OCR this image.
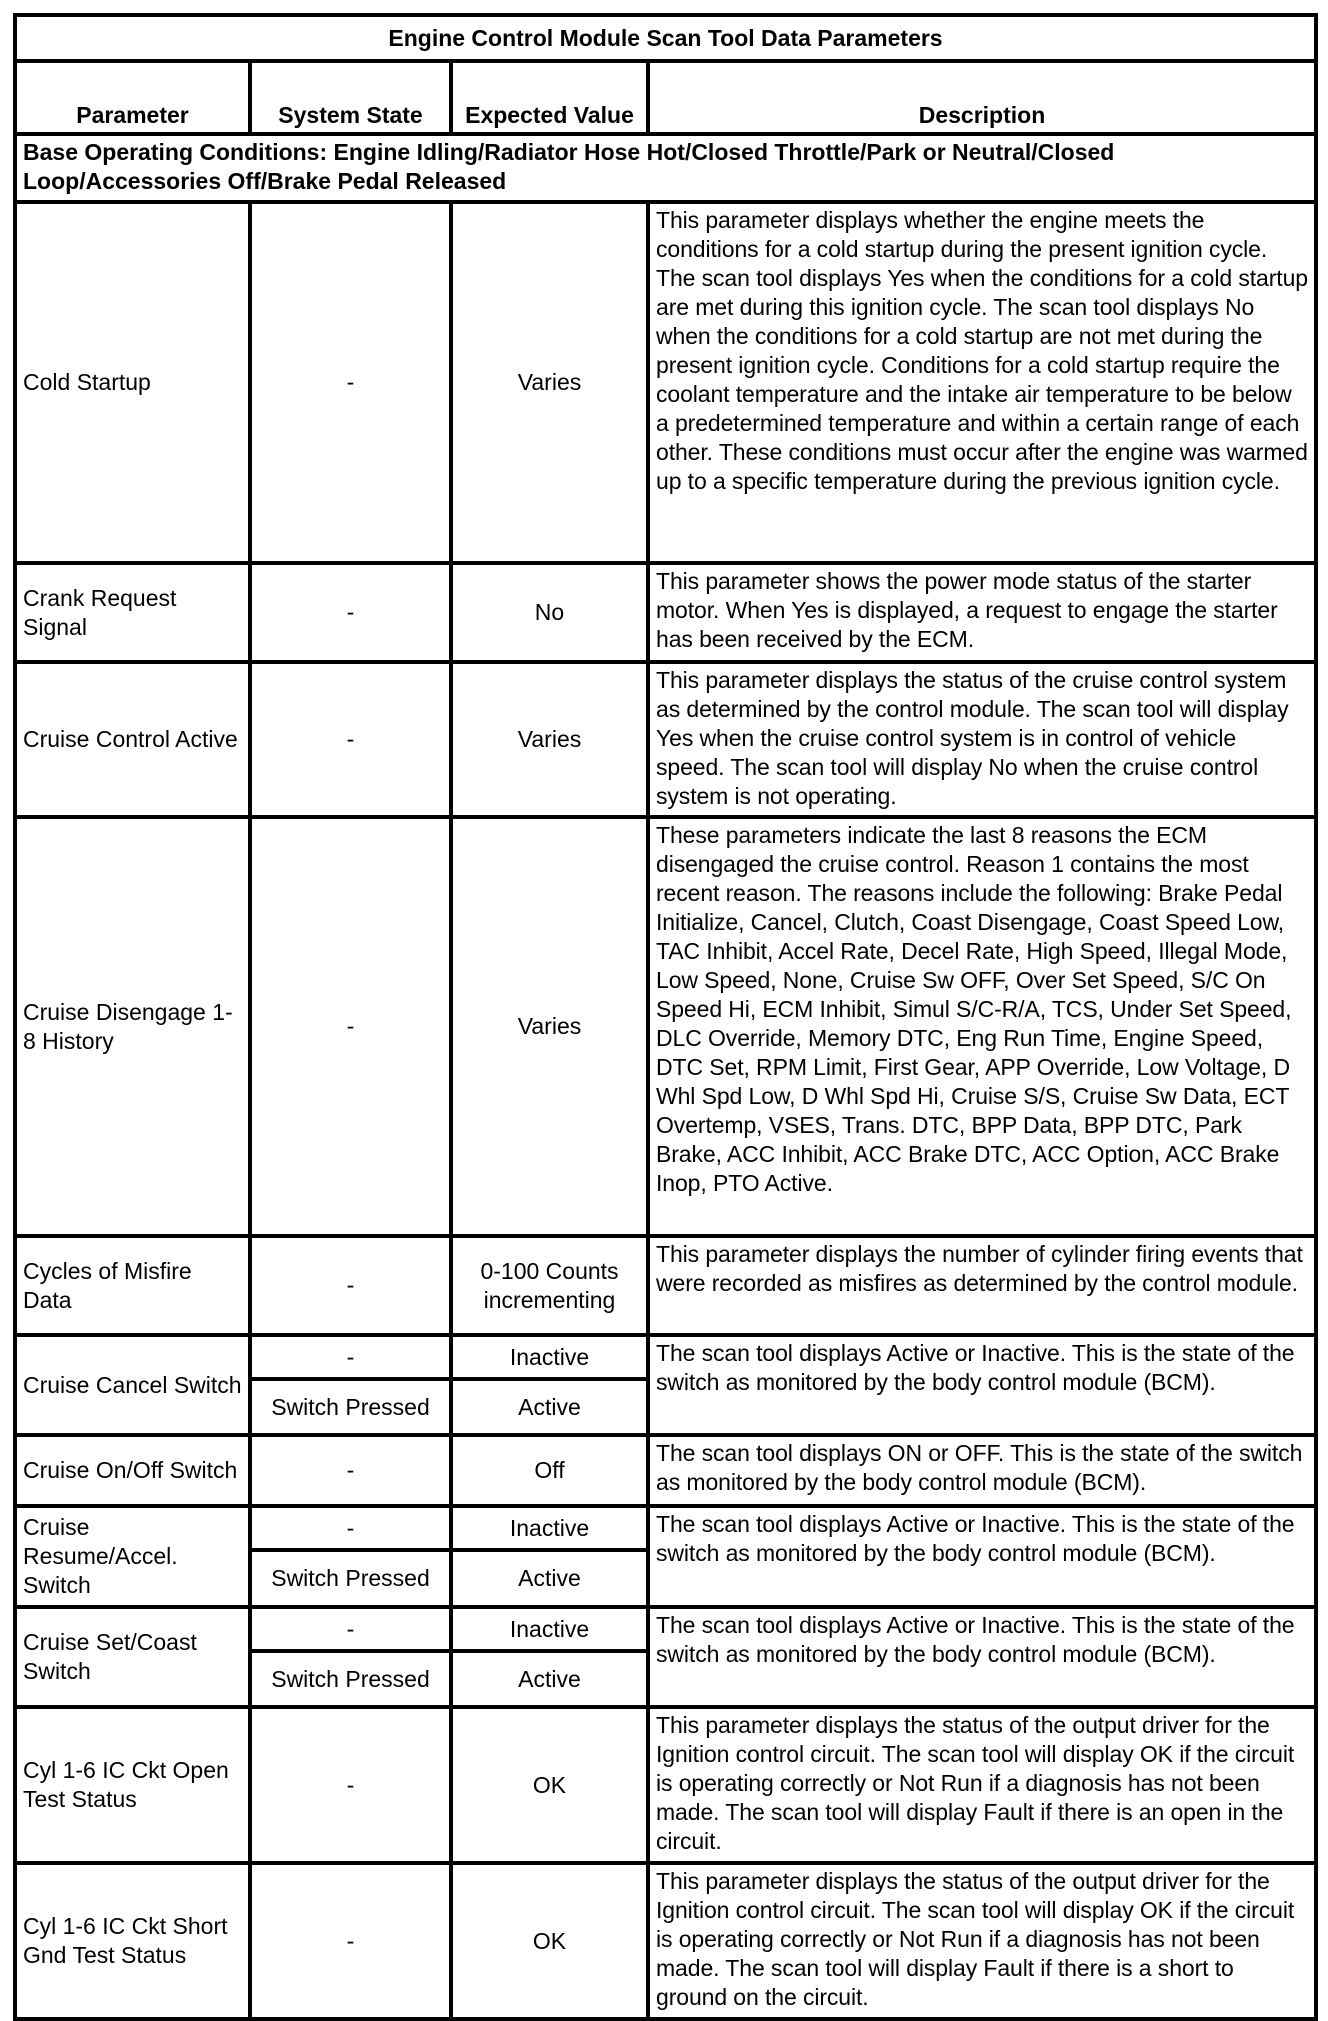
Engine Control Module Scan Tool Data Parameters			
Parameter	System State	Expected Value	Description
Base Operating Conditions: Engine Idling/Radiator Hose Hot/Closed Throttle/Park or Neutral/Closed Loop/Accessories Off/Brake Pedal Released			
Cold Startup	-	Varies	This parameter displays whether the engine meets the conditions for a cold startup during the present ignition cycle. The scan tool displays Yes when the conditions for a cold startup are met during this ignition cycle. The scan tool displays No when the conditions for a cold startup are not met during the present ignition cycle. Conditions for a cold startup require the coolant temperature and the intake air temperature to be below a predetermined temperature and within a certain range of each other. These conditions must occur after the engine was warmed up to a specific temperature during the previous ignition cycle.
Crank Request Signal	-	No	This parameter shows the power mode status of the starter motor. When Yes is displayed, a request to engage the starter has been received by the ECM.
Cruise Control Active	-	Varies	This parameter displays the status of the cruise control system as determined by the control module. The scan tool will display Yes when the cruise control system is in control of vehicle speed. The scan tool will display No when the cruise control system is not operating.
Cruise Disengage 1-8 History	-	Varies	These parameters indicate the last 8 reasons the ECM disengaged the cruise control. Reason 1 contains the most recent reason. The reasons include the following: Brake Pedal Initialize, Cancel, Clutch, Coast Disengage, Coast Speed Low, TAC Inhibit, Accel Rate, Decel Rate, High Speed, Illegal Mode, Low Speed, None, Cruise Sw OFF, Over Set Speed, S/C On Speed Hi, ECM Inhibit, Simul S/C-R/A, TCS, Under Set Speed, DLC Override, Memory DTC, Eng Run Time, Engine Speed, DTC Set, RPM Limit, First Gear, APP Override, Low Voltage, D Whl Spd Low, D Whl Spd Hi, Cruise S/S, Cruise Sw Data, ECT Overtemp, VSES, Trans. DTC, BPP Data, BPP DTC, Park Brake, ACC Inhibit, ACC Brake DTC, ACC Option, ACC Brake Inop, PTO Active.
Cycles of Misfire Data	-	0-100 Counts incrementing	This parameter displays the number of cylinder firing events that were recorded as misfires as determined by the control module.
Cruise Cancel Switch	-	Inactive	The scan tool displays Active or Inactive. This is the state of the switch as monitored by the body control module (BCM).
	Switch Pressed	Active	
Cruise On/Off Switch	-	Off	The scan tool displays ON or OFF. This is the state of the switch as monitored by the body control module (BCM).
Cruise Resume/Accel. Switch	-	Inactive	The scan tool displays Active or Inactive. This is the state of the switch as monitored by the body control module (BCM).
	Switch Pressed	Active	
Cruise Set/Coast Switch	-	Inactive	The scan tool displays Active or Inactive. This is the state of the switch as monitored by the body control module (BCM).
	Switch Pressed	Active	
Cyl 1-6 IC Ckt Open Test Status	-	OK	This parameter displays the status of the output driver for the Ignition control circuit. The scan tool will display OK if the circuit is operating correctly or Not Run if a diagnosis has not been made. The scan tool will display Fault if there is an open in the circuit.
Cyl 1-6 IC Ckt Short Gnd Test Status	-	OK	This parameter displays the status of the output driver for the Ignition control circuit. The scan tool will display OK if the circuit is operating correctly or Not Run if a diagnosis has not been made. The scan tool will display Fault if there is a short to ground on the circuit.
